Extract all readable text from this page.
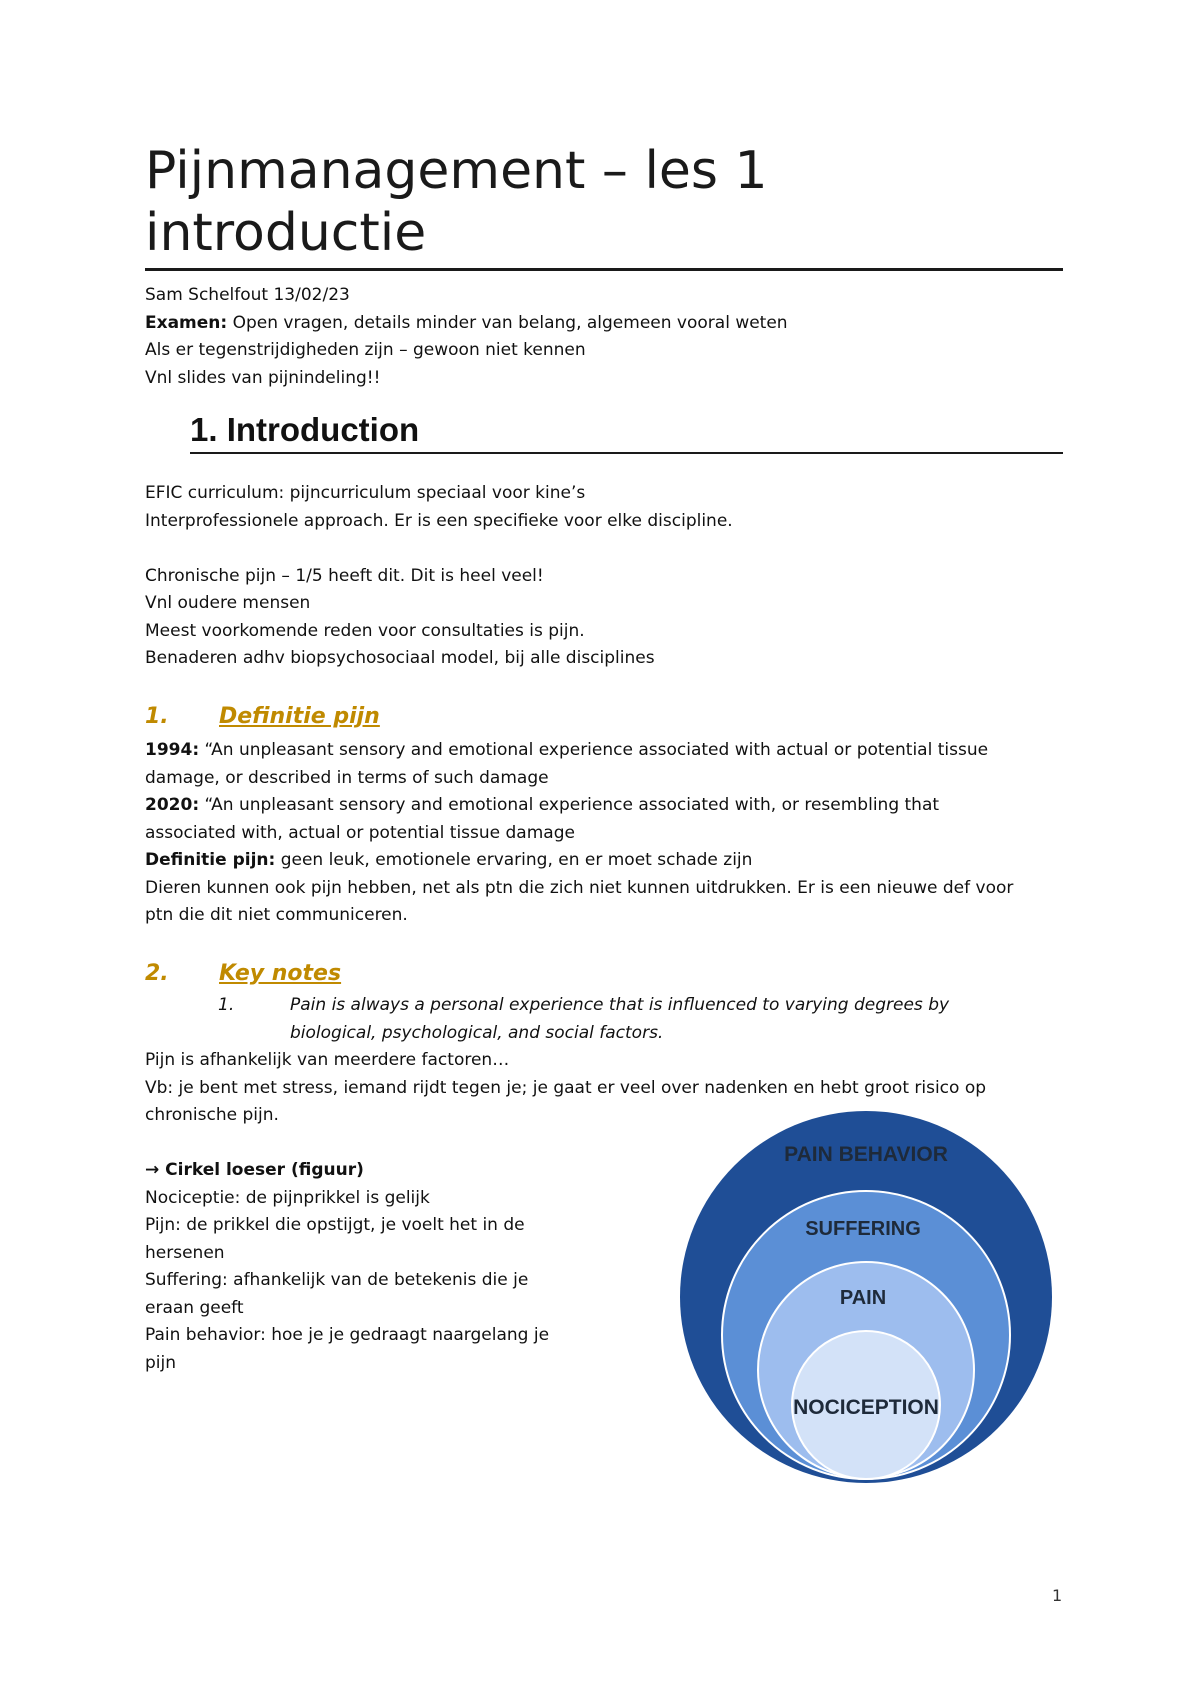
Pijnmanagement – les 1
introductie

Sam Schelfout 13/02/23

Examen: Open vragen, details minder van belang, algemeen vooral weten

Als er tegenstrijdigheden zijn – gewoon niet kennen

Vnl slides van pijnindeling!!

1. Introduction

EFIC curriculum: pijncurriculum speciaal voor kine’s

Interprofessionele approach. Er is een specifieke voor elke discipline.

Chronische pijn – 1/5 heeft dit. Dit is heel veel!

Vnl oudere mensen

Meest voorkomende reden voor consultaties is pijn.

Benaderen adhv biopsychosociaal model, bij alle disciplines

1. Definitie pijn

1994: “An unpleasant sensory and emotional experience associated with actual or potential tissue

damage, or described in terms of such damage

2020: “An unpleasant sensory and emotional experience associated with, or resembling that

associated with, actual or potential tissue damage

Definitie pijn: geen leuk, emotionele ervaring, en er moet schade zijn

Dieren kunnen ook pijn hebben, net als ptn die zich niet kunnen uitdrukken. Er is een nieuwe def voor

ptn die dit niet communiceren.

2. Key notes
1.	Pain is always a personal experience that is influenced to varying degrees by
biological, psychological, and social factors.

Pijn is afhankelijk van meerdere factoren…

Vb: je bent met stress, iemand rijdt tegen je; je gaat er veel over nadenken en hebt groot risico op

chronische pijn.

→ Cirkel loeser (figuur)

Nociceptie: de pijnprikkel is gelijk

Pijn: de prikkel die opstijgt, je voelt het in de

hersenen

Suffering: afhankelijk van de betekenis die je

eraan geeft

Pain behavior: hoe je je gedraagt naargelang je

pijn

PAIN BEHAVIOR
SUFFERING
PAIN
NOCICEPTION
1
